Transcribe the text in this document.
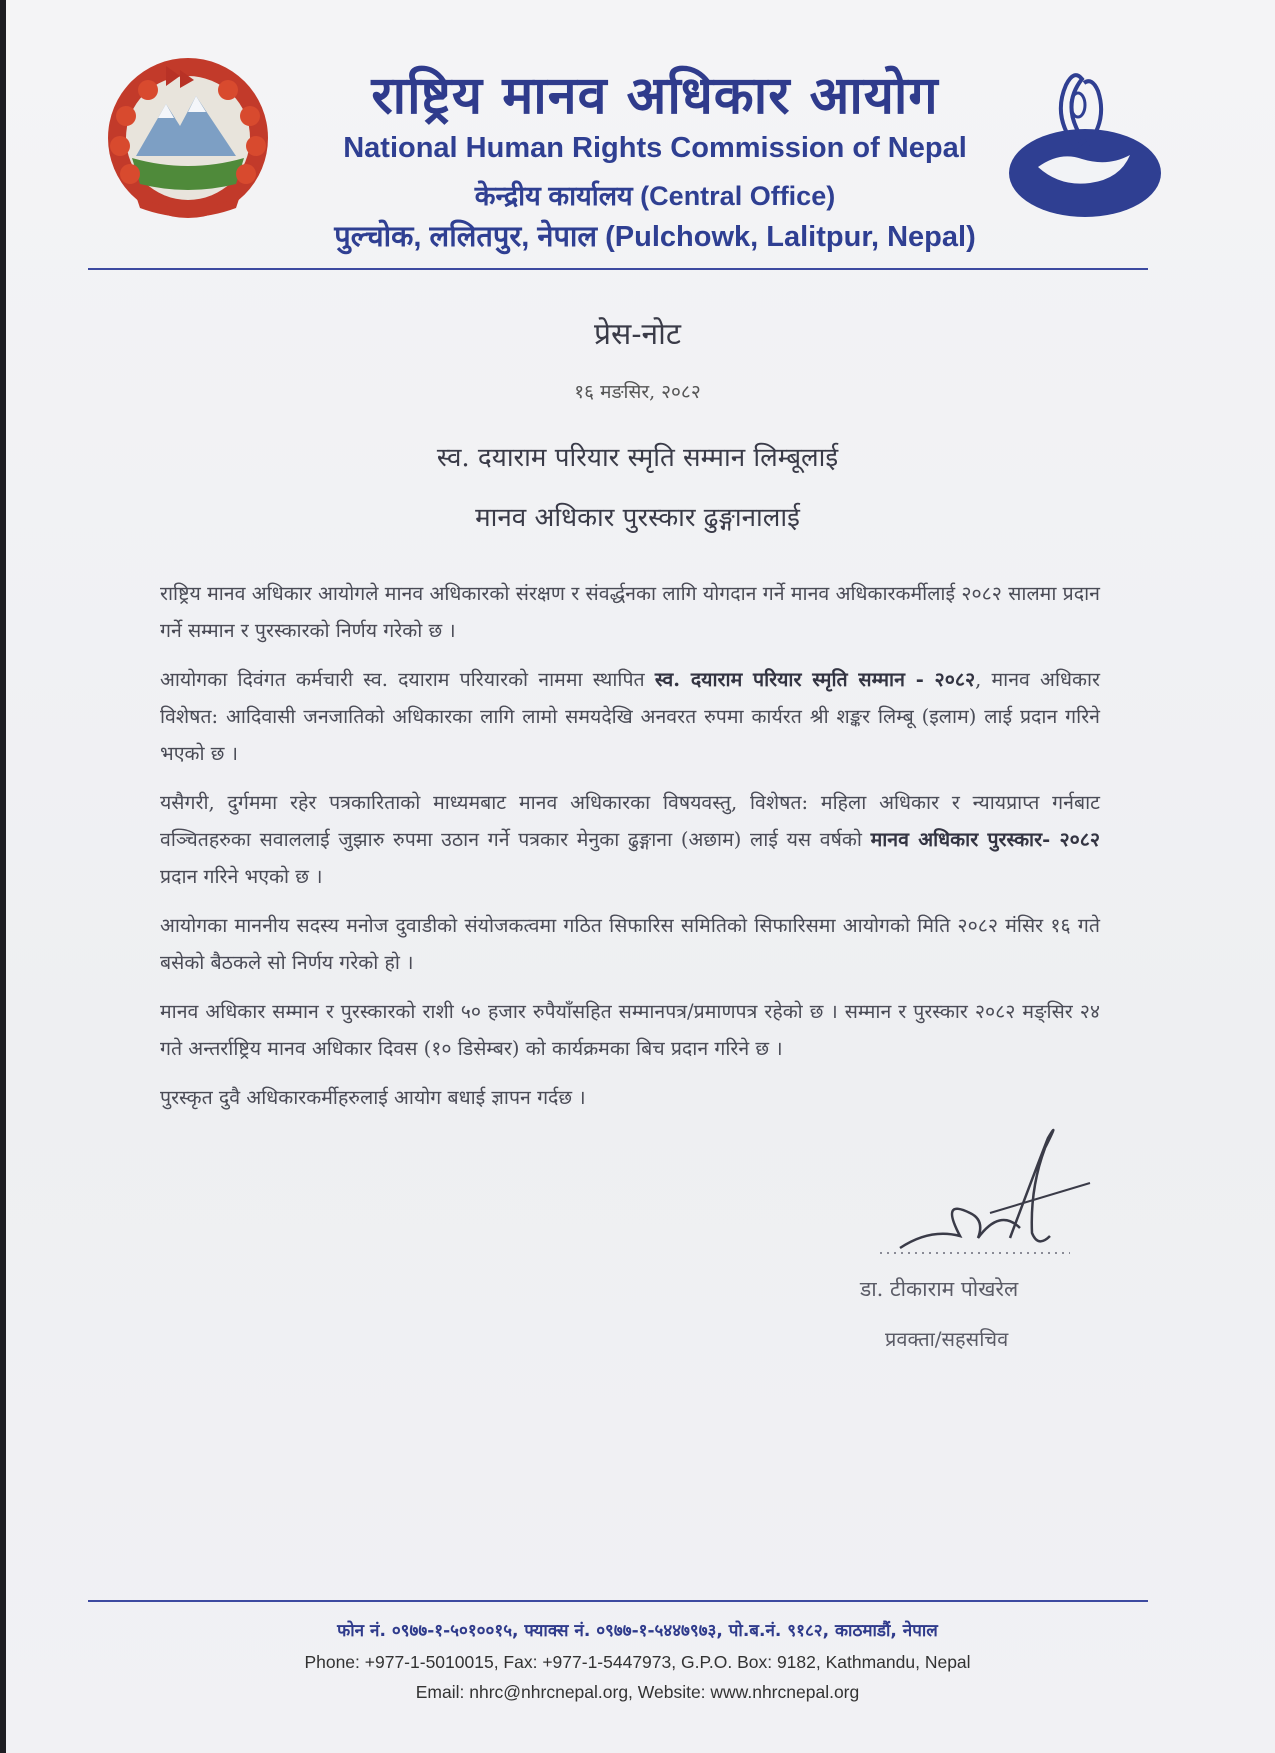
राष्ट्रिय मानव अधिकार आयोग
National Human Rights Commission of Nepal
केन्द्रीय कार्यालय (Central Office)
पुल्चोक, ललितपुर, नेपाल (Pulchowk, Lalitpur, Nepal)
प्रेस-नोट
१६ मङसिर, २०८२
स्व. दयाराम परियार स्मृति सम्मान लिम्बूलाई
मानव अधिकार पुरस्कार ढुङ्गानालाई

राष्ट्रिय मानव अधिकार आयोगले मानव अधिकारको संरक्षण र संवर्द्धनका लागि योगदान गर्ने मानव अधिकारकर्मीलाई २०८२ सालमा प्रदान गर्ने सम्मान र पुरस्कारको निर्णय गरेको छ ।

आयोगका दिवंगत कर्मचारी स्व. दयाराम परियारको नाममा स्थापित स्व. दयाराम परियार स्मृति सम्मान - २०८२, मानव अधिकार विशेषत: आदिवासी जनजातिको अधिकारका लागि लामो समयदेखि अनवरत रुपमा कार्यरत श्री शङ्कर लिम्बू (इलाम) लाई प्रदान गरिने भएको छ ।

यसैगरी, दुर्गममा रहेर पत्रकारिताको माध्यमबाट मानव अधिकारका विषयवस्तु, विशेषत: महिला अधिकार र न्यायप्राप्त गर्नबाट वञ्चितहरुका सवाललाई जुझारु रुपमा उठान गर्ने पत्रकार मेनुका ढुङ्गाना (अछाम) लाई यस वर्षको मानव अधिकार पुरस्कार- २०८२ प्रदान गरिने भएको छ ।

आयोगका माननीय सदस्य मनोज दुवाडीको संयोजकत्वमा गठित सिफारिस समितिको सिफारिसमा आयोगको मिति २०८२ मंसिर १६ गते बसेको बैठकले सो निर्णय गरेको हो ।

मानव अधिकार सम्मान र पुरस्कारको राशी ५० हजार रुपैयाँसहित सम्मानपत्र/प्रमाणपत्र रहेको छ । सम्मान र पुरस्कार २०८२ मङ्सिर २४ गते अन्तर्राष्ट्रिय मानव अधिकार दिवस (१० डिसेम्बर) को कार्यक्रमका बिच प्रदान गरिने छ ।

पुरस्कृत दुवै अधिकारकर्मीहरुलाई आयोग बधाई ज्ञापन गर्दछ ।

डा. टीकाराम पोखरेल
प्रवक्ता/सहसचिव
फोन नं. ०९७७-१-५०१००१५, फ्याक्स नं. ०९७७-१-५४४७९७३, पो.ब.नं. ९१८२, काठमाडौं, नेपाल
Phone: +977-1-5010015, Fax: +977-1-5447973, G.P.O. Box: 9182, Kathmandu, Nepal
Email: nhrc@nhrcnepal.org, Website: www.nhrcnepal.org
